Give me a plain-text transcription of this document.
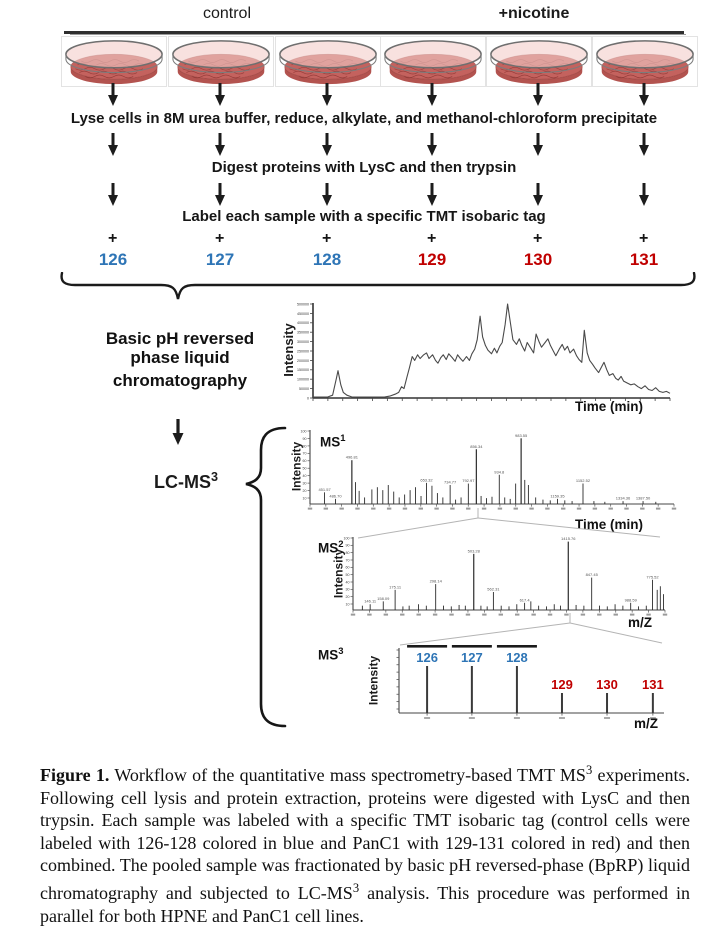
control	+nicotine
Lyse cells in 8M urea buffer, reduce, alkylate, and methanol-chloroform precipitate
Digest proteins with LysC and then trypsin
Label each sample with a specific TMT isobaric tag
+	+	+	+	+	+
126	127	128	129	130	131
Basic pH reversed
phase liquid
chromatography
Intensity
500000
450000
400000
350000
300000
250000
200000
150000
100000
50000
0
Time (min)
$LC-MS^3$
$MS^1$
Intensity
100
90
80
70
60
50
40
30
20
10
451.57
486.70
496.81
653.32	734.77 792.97
856.34
934.8
983.55
1159.35
1152.52
1334.36 1387.50
Time (min)
$MS^2$
Intensity
100
90
80
70
60
50
40
30
20
10
146.11
158.09
175.11
298.14
503.28
562.31
617.4
1415.76
847.45
988.59
775.52
m/Z
$MS^3$
Intensity	126 127 128
129 130 131
m/Z

Figure 1. Workflow of the quantitative mass spectrometry-based TMT $MS^3$ experiments. Following cell lysis and protein extraction, proteins were digested with LysC and then trypsin. Each sample was labeled with a specific TMT isobaric tag (control cells were labeled with 126-128 colored in blue and PanC1 with 129-131 colored in red) and then combined. The pooled sample was fractionated by basic pH reversed-phase (BpRP) liquid chromatography and subjected to $LC-MS^3$ analysis. This procedure was performed in parallel for both HPNE and PanC1 cell lines.
